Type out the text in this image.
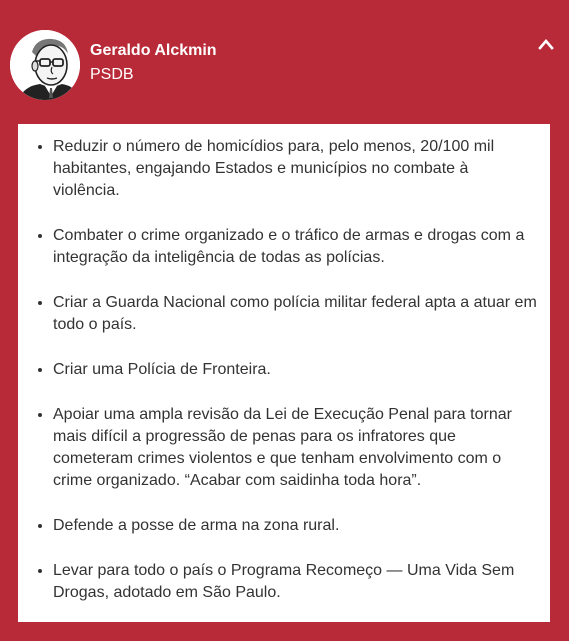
Geraldo Alckmin
PSDB
• Reduzir o número de homicídios para, pelo menos, 20/100 mil habitantes, engajando Estados e municípios no combate à violência.
• Combater o crime organizado e o tráfico de armas e drogas com a integração da inteligência de todas as polícias.
• Criar a Guarda Nacional como polícia militar federal apta a atuar em todo o país.
• Criar uma Polícia de Fronteira.
• Apoiar uma ampla revisão da Lei de Execução Penal para tornar mais difícil a progressão de penas para os infratores que cometeram crimes violentos e que tenham envolvimento com o crime organizado. “Acabar com saidinha toda hora”.
• Defende a posse de arma na zona rural.
• Levar para todo o país o Programa Recomeço — Uma Vida Sem Drogas, adotado em São Paulo.
